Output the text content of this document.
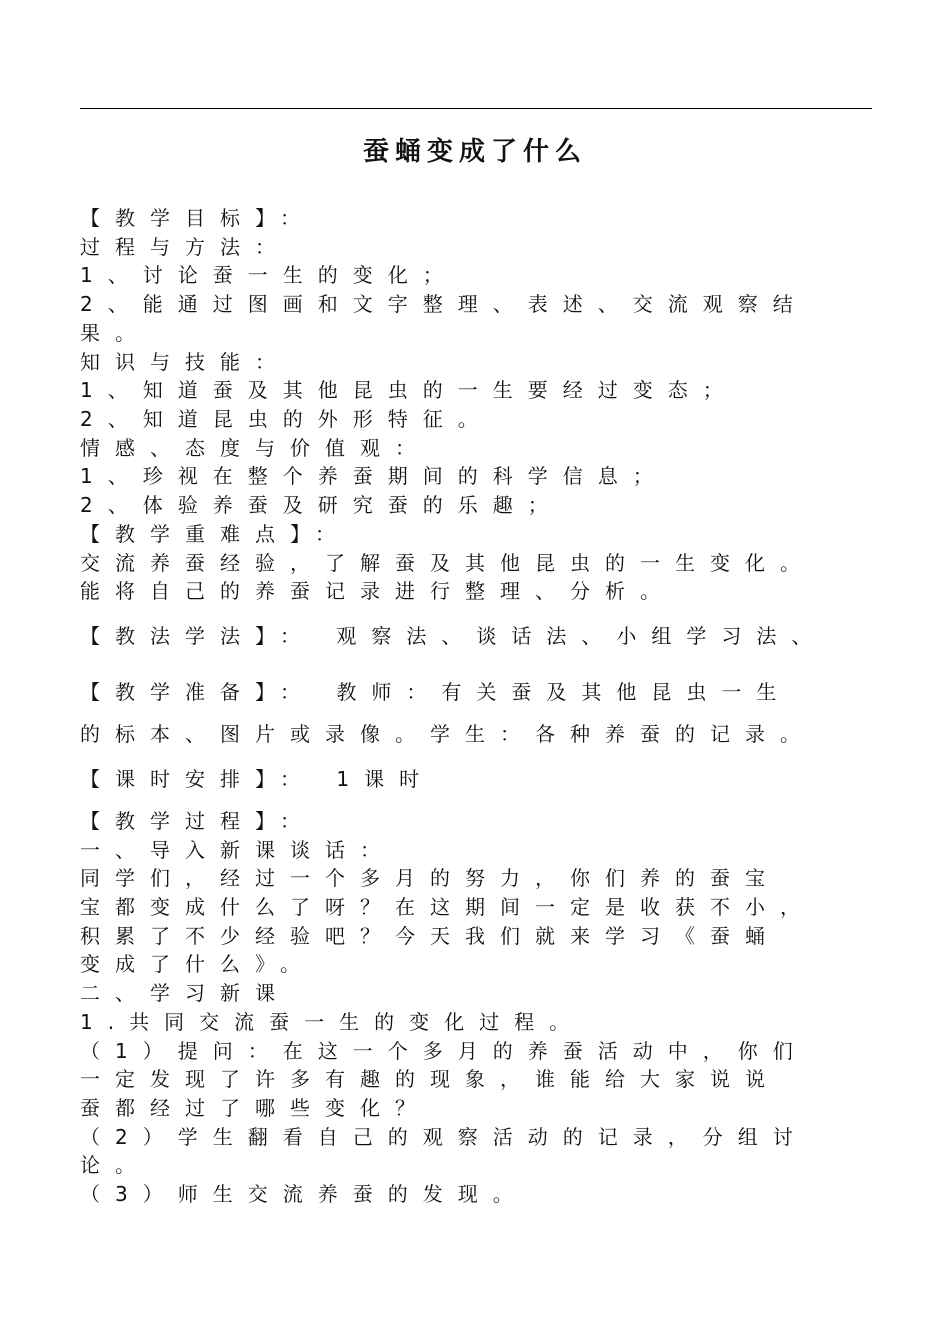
蚕蛹变成了什么
【教学目标】：
过程与方法：
1、讨论蚕一生的变化；
2、能通过图画和文字整理、表述、交流观察结
果。
知识与技能：
1、知道蚕及其他昆虫的一生要经过变态；
2、知道昆虫的外形特征。
情感、态度与价值观：
1、珍视在整个养蚕期间的科学信息；
2、体验养蚕及研究蚕的乐趣；
【教学重难点】：
交流养蚕经验，了解蚕及其他昆虫的一生变化。
能将自己的养蚕记录进行整理、分析。
【教法学法】： 观察法、谈话法、小组学习法、
【教学准备】： 教师：有关蚕及其他昆虫一生
的标本、图片或录像。学生：各种养蚕的记录。
【课时安排】： 1课时
【教学过程】：
一、导入新课谈话：
同学们，经过一个多月的努力，你们养的蚕宝
宝都变成什么了呀？在这期间一定是收获不小，
积累了不少经验吧？今天我们就来学习《蚕蛹
变成了什么》。
二、学习新课
1.共同交流蚕一生的变化过程。
（1）提问：在这一个多月的养蚕活动中，你们
一定发现了许多有趣的现象，谁能给大家说说
蚕都经过了哪些变化？
（2）学生翻看自己的观察活动的记录，分组讨
论。
（3）师生交流养蚕的发现。
